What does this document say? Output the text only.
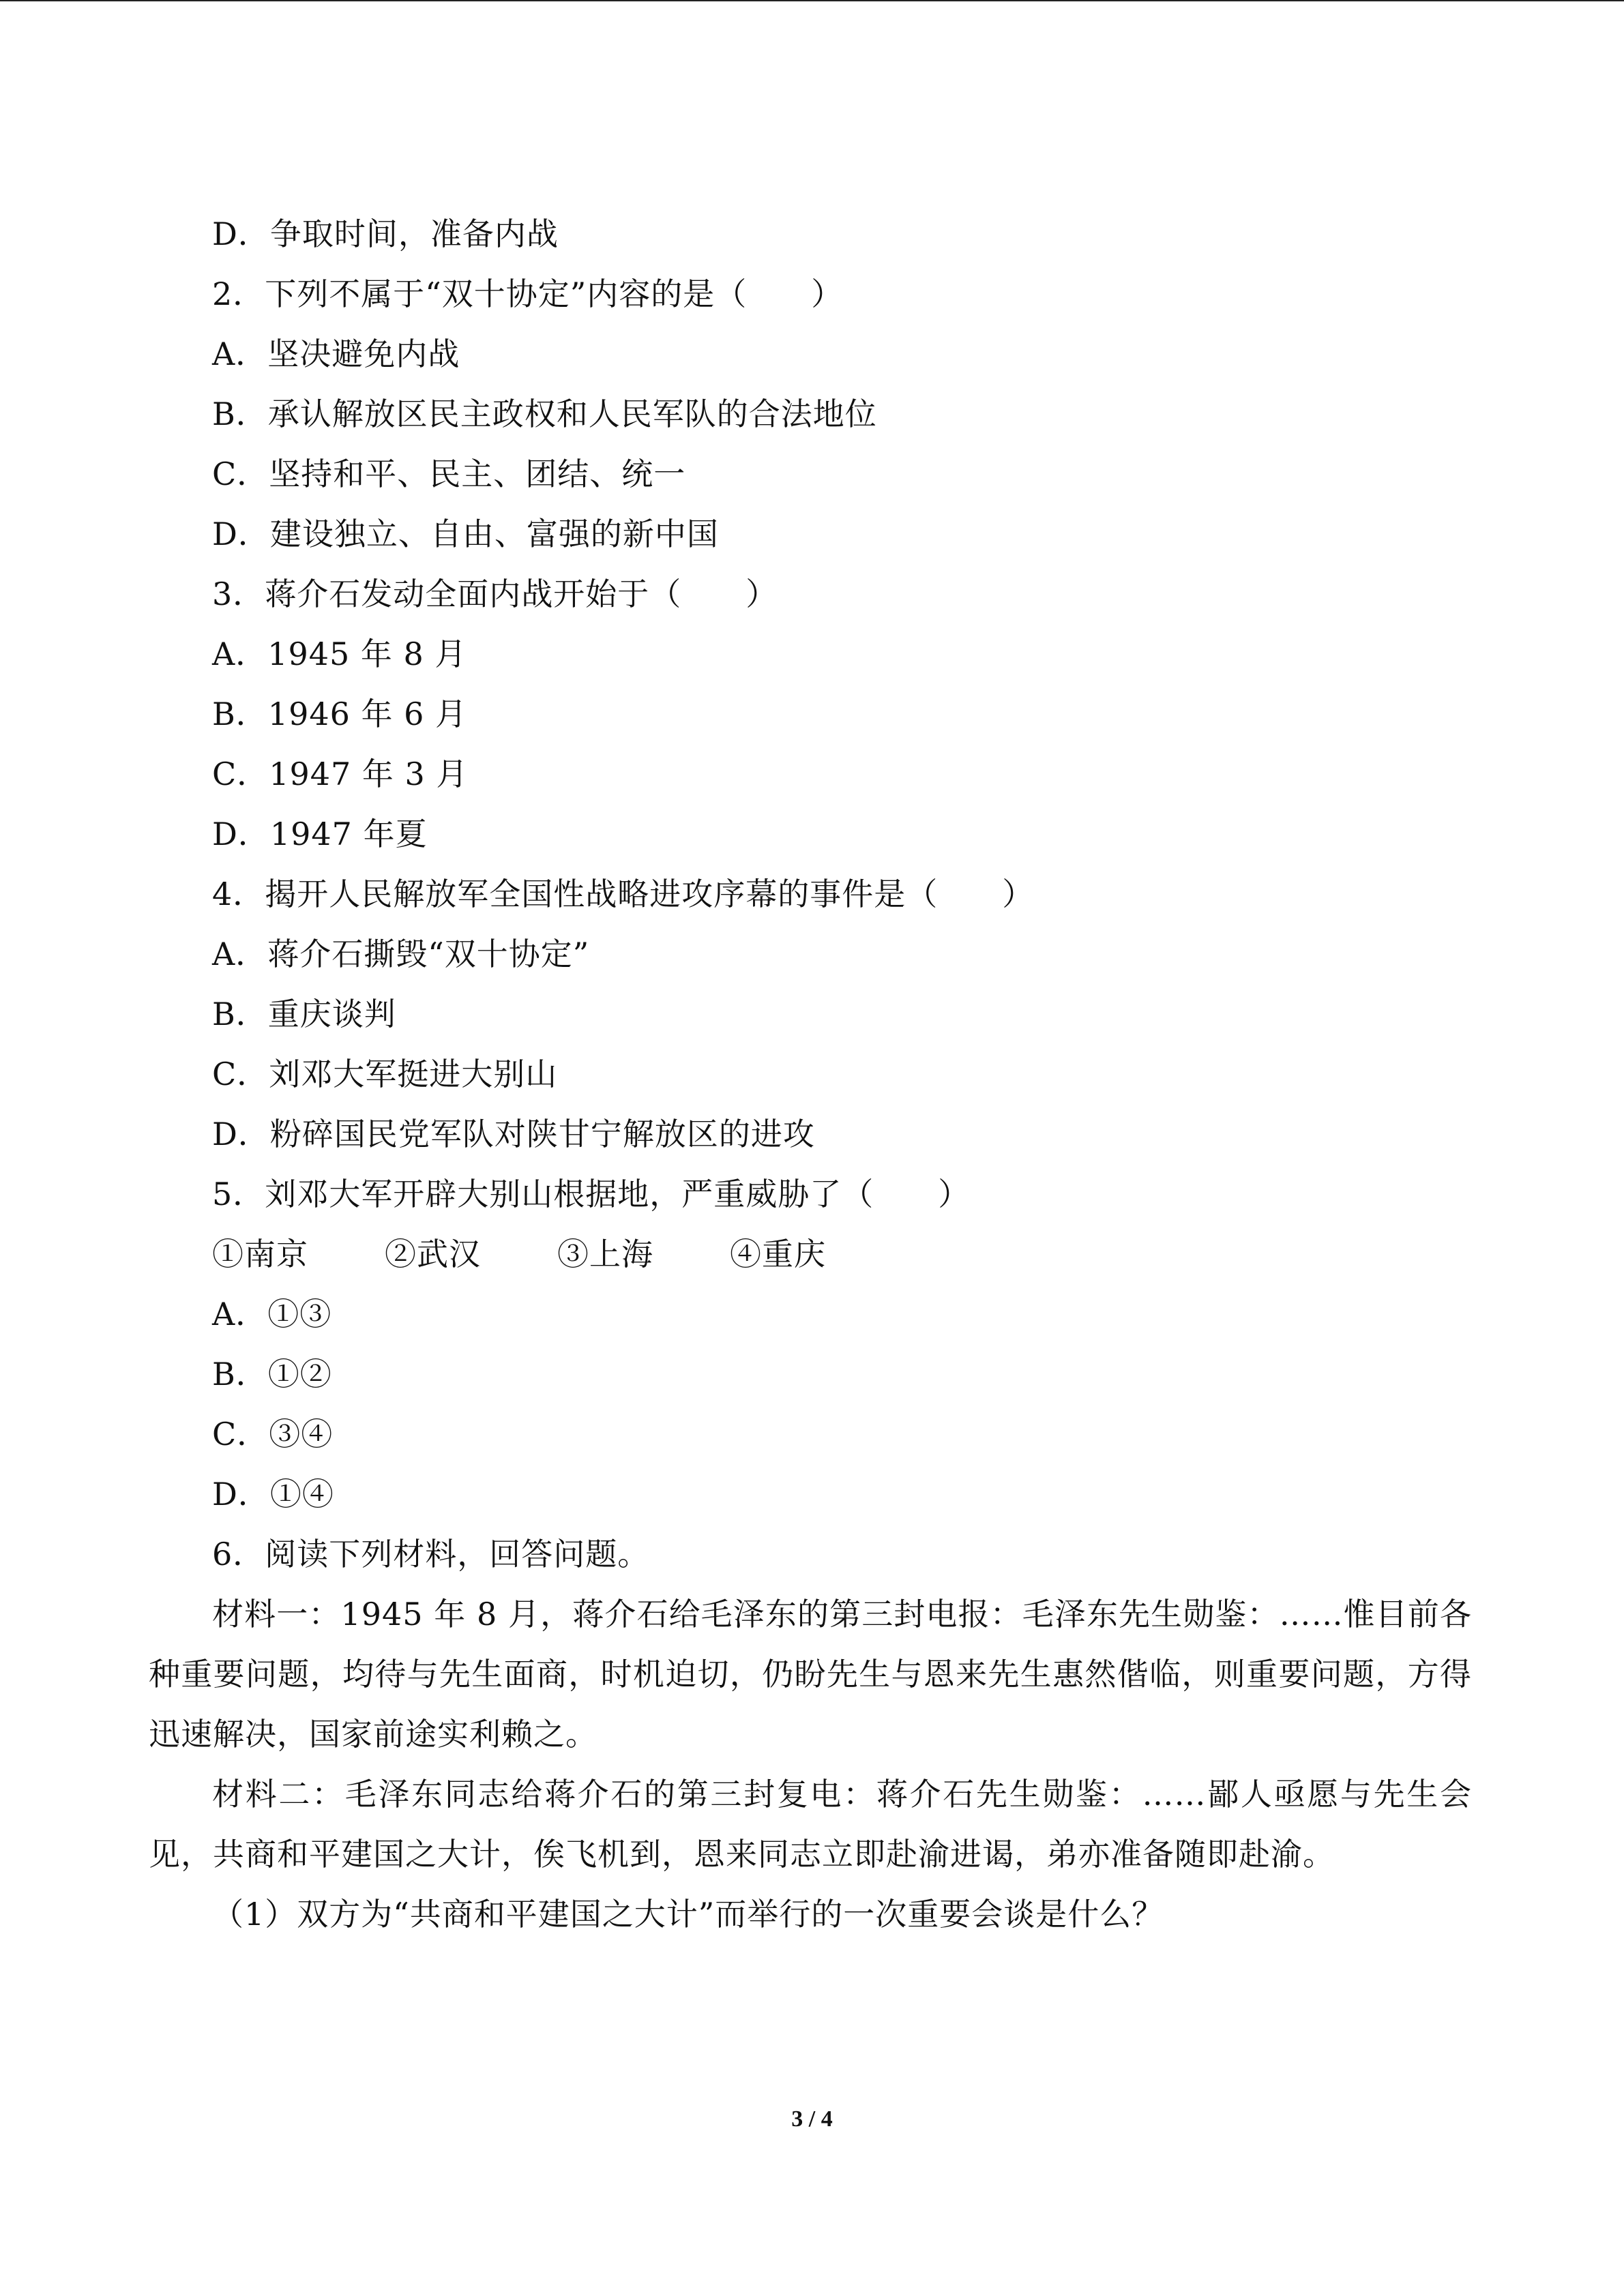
D．争取时间，准备内战
2．下列不属于“双十协定”内容的是（　　）
A．坚决避免内战
B．承认解放区民主政权和人民军队的合法地位
C．坚持和平、民主、团结、统一
D．建设独立、自由、富强的新中国
3．蒋介石发动全面内战开始于（　　）
A．1945 年 8 月
B．1946 年 6 月
C．1947 年 3 月
D．1947 年夏
4．揭开人民解放军全国性战略进攻序幕的事件是（　　）
A．蒋介石撕毁“双十协定”
B．重庆谈判
C．刘邓大军挺进大别山
D．粉碎国民党军队对陕甘宁解放区的进攻
5．刘邓大军开辟大别山根据地，严重威胁了（　　）
①南京 ②武汉 ③上海 ④重庆
A．①③
B．①②
C．③④
D．①④
6．阅读下列材料，回答问题。
材料一：1945 年 8 月，蒋介石给毛泽东的第三封电报：毛泽东先生勋鉴：……惟目前各种重要问题，均待与先生面商，时机迫切，仍盼先生与恩来先生惠然偕临，则重要问题，方得迅速解决，国家前途实利赖之。
材料二：毛泽东同志给蒋介石的第三封复电：蒋介石先生勋鉴：……鄙人亟愿与先生会见，共商和平建国之大计，俟飞机到，恩来同志立即赴渝进谒，弟亦准备随即赴渝。
（1）双方为“共商和平建国之大计”而举行的一次重要会谈是什么？
3 / 4
